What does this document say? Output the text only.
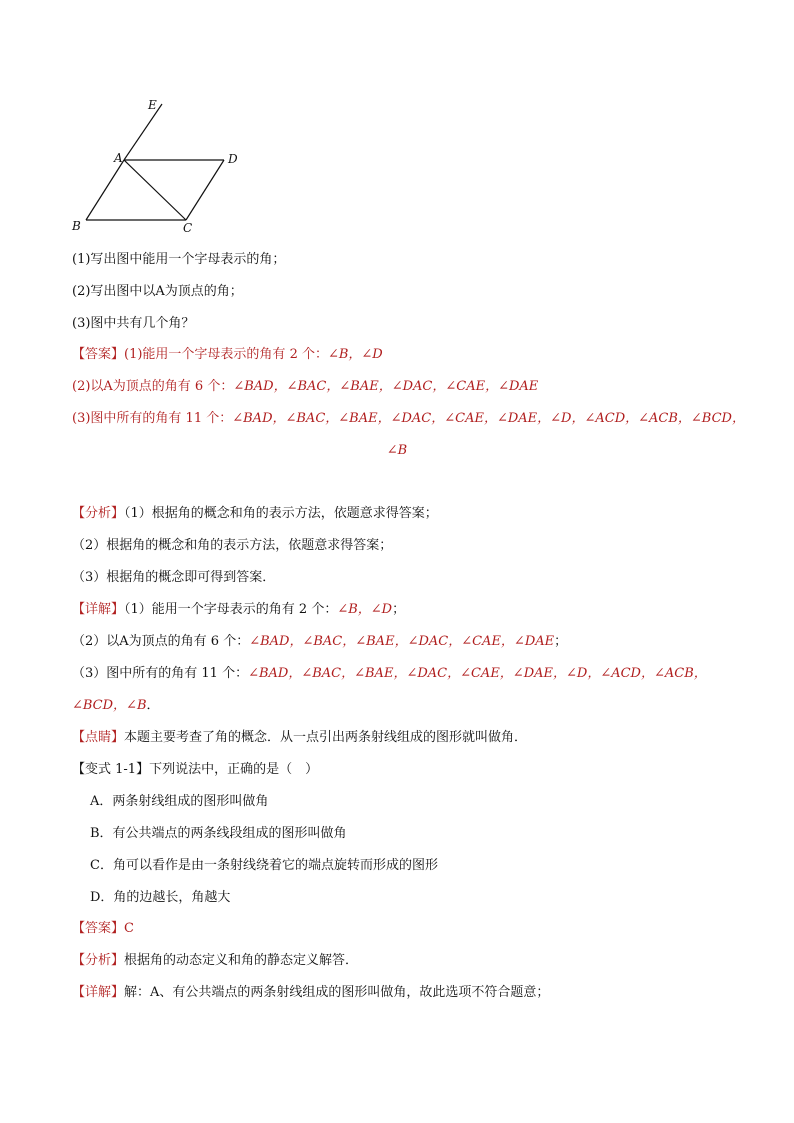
E
A	D
B	C
(1)写出图中能用一个字母表示的角；
(2)写出图中以A为顶点的角；
(3)图中共有几个角？
【答案】(1)能用一个字母表示的角有 2 个：∠B，∠D
(2)以A为顶点的角有 6 个：∠BAD，∠BAC，∠BAE，∠DAC，∠CAE，∠DAE
(3)图中所有的角有 11 个：∠BAD，∠BAC，∠BAE，∠DAC，∠CAE，∠DAE，∠D，∠ACD，∠ACB，∠BCD，
∠B
【分析】（1）根据角的概念和角的表示方法，依题意求得答案；
（2）根据角的概念和角的表示方法，依题意求得答案；
（3）根据角的概念即可得到答案．
【详解】（1）能用一个字母表示的角有 2 个：∠B，∠D；
（2）以A为顶点的角有 6 个：∠BAD，∠BAC，∠BAE，∠DAC，∠CAE，∠DAE；
（3）图中所有的角有 11 个：∠BAD，∠BAC，∠BAE，∠DAC，∠CAE，∠DAE，∠D，∠ACD，∠ACB，
∠BCD，∠B．
【点睛】本题主要考查了角的概念．从一点引出两条射线组成的图形就叫做角．
【变式 1-1】下列说法中，正确的是（　）
A．两条射线组成的图形叫做角
B．有公共端点的两条线段组成的图形叫做角
C．角可以看作是由一条射线绕着它的端点旋转而形成的图形
D．角的边越长，角越大
【答案】C
【分析】根据角的动态定义和角的静态定义解答．
【详解】解：A、有公共端点的两条射线组成的图形叫做角，故此选项不符合题意；
